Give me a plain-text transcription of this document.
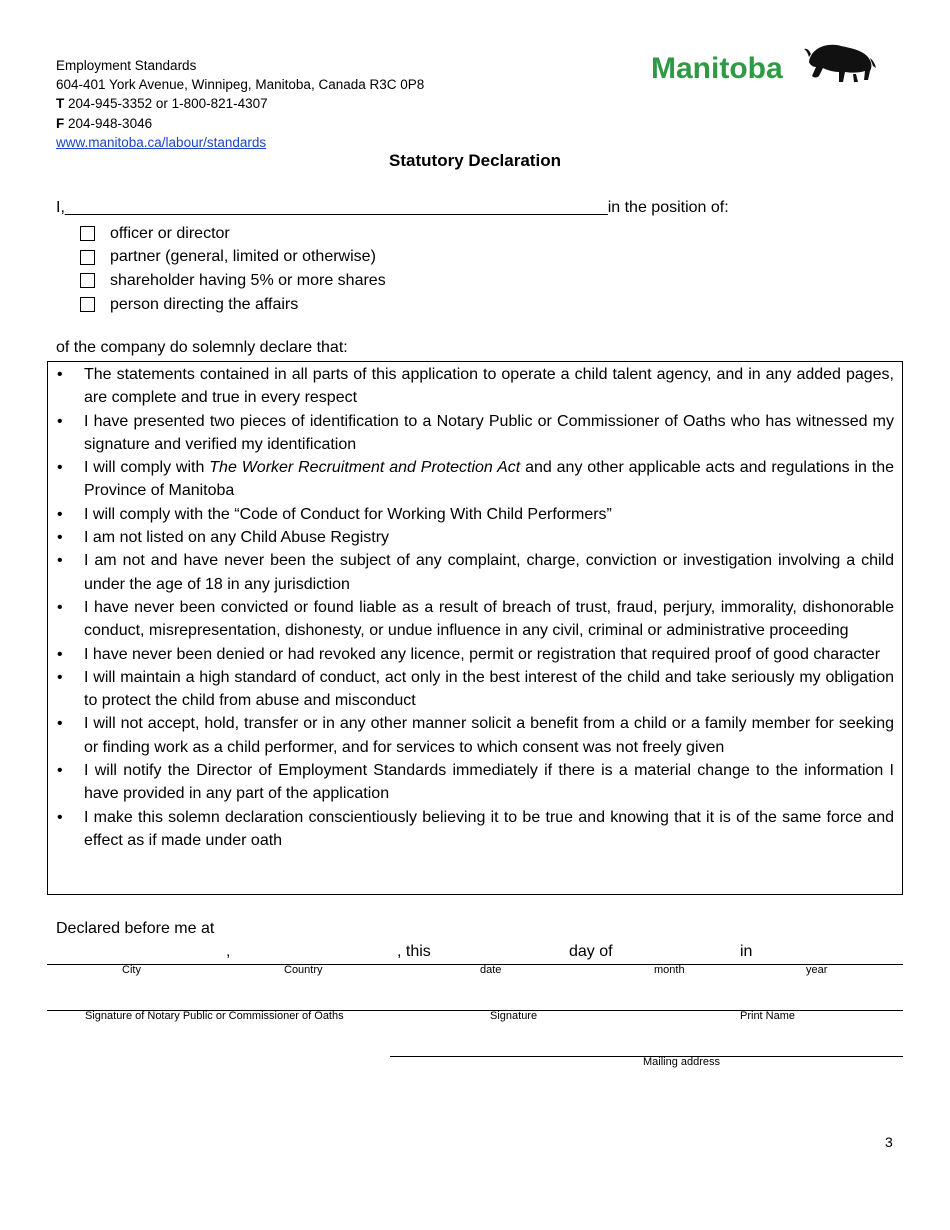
Employment Standards
604-401 York Avenue, Winnipeg, Manitoba, Canada R3C 0P8
T 204-945-3352 or 1-800-821-4307
F 204-948-3046
www.manitoba.ca/labour/standards
Manitoba
Statutory Declaration
I,_____________________________________________________________in the position of:
officer or director
partner (general, limited or otherwise)
shareholder having 5% or more shares
person directing the affairs
of the company do solemnly declare that:
• The statements contained in all parts of this application to operate a child talent agency, and in any added pages, are complete and true in every respect
• I have presented two pieces of identification to a Notary Public or Commissioner of Oaths who has witnessed my signature and verified my identification
• I will comply with The Worker Recruitment and Protection Act and any other applicable acts and regulations in the Province of Manitoba
• I will comply with the “Code of Conduct for Working With Child Performers”
• I am not listed on any Child Abuse Registry
• I am not and have never been the subject of any complaint, charge, conviction or investigation involving a child under the age of 18 in any jurisdiction
• I have never been convicted or found liable as a result of breach of trust, fraud, perjury, immorality, dishonorable conduct, misrepresentation, dishonesty, or undue influence in any civil, criminal or administrative proceeding
• I have never been denied or had revoked any licence, permit or registration that required proof of good character
• I will maintain a high standard of conduct, act only in the best interest of the child and take seriously my obligation to protect the child from abuse and misconduct
• I will not accept, hold, transfer or in any other manner solicit a benefit from a child or a family member for seeking or finding work as a child performer, and for services to which consent was not freely given
• I will notify the Director of Employment Standards immediately if there is a material change to the information I have provided in any part of the application
• I make this solemn declaration conscientiously believing it to be true and knowing that it is of the same force and effect as if made under oath
Declared before me at
,	, this	day of	in
City	Country	date	month	year
Signature of Notary Public or Commissioner of Oaths	Signature	Print Name
Mailing address
3
